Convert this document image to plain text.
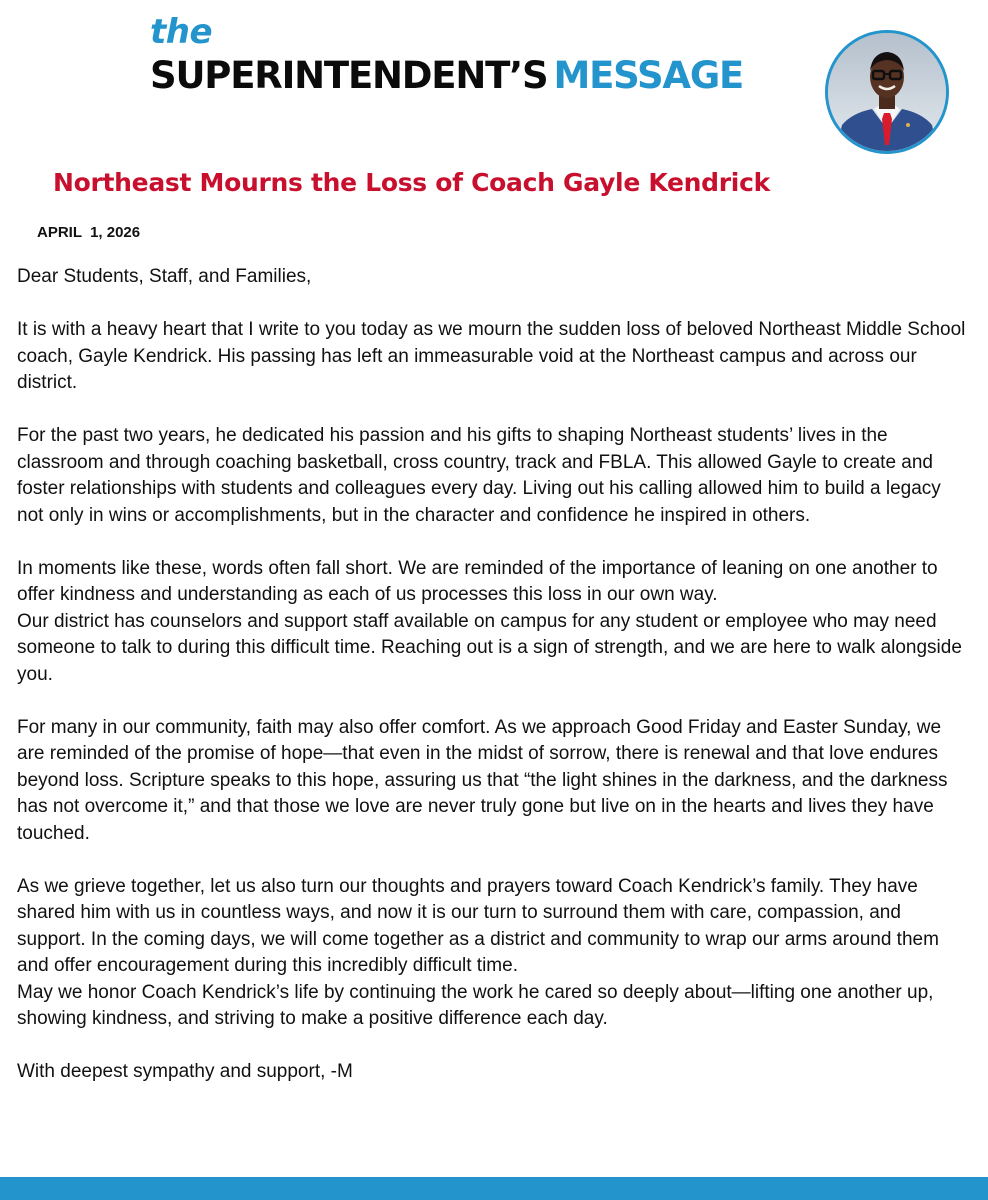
the
SUPERINTENDENT’S MESSAGE
Northeast Mourns the Loss of Coach Gayle Kendrick
APRIL  1, 2026

Dear Students, Staff, and Families,

It is with a heavy heart that I write to you today as we mourn the sudden loss of beloved Northeast Middle School coach, Gayle Kendrick. His passing has left an immeasurable void at the Northeast campus and across our district.

For the past two years, he dedicated his passion and his gifts to shaping Northeast students’ lives in the classroom and through coaching basketball, cross country, track and FBLA. This allowed Gayle to create and foster relationships with students and colleagues every day. Living out his calling allowed him to build a legacy not only in wins or accomplishments, but in the character and confidence he inspired in others.

In moments like these, words often fall short. We are reminded of the importance of leaning on one another to offer kindness and understanding as each of us processes this loss in our own way.
Our district has counselors and support staff available on campus for any student or employee who may need someone to talk to during this difficult time. Reaching out is a sign of strength, and we are here to walk alongside you.

For many in our community, faith may also offer comfort. As we approach Good Friday and Easter Sunday, we are reminded of the promise of hope—that even in the midst of sorrow, there is renewal and that love endures beyond loss. Scripture speaks to this hope, assuring us that “the light shines in the darkness, and the darkness has not overcome it,” and that those we love are never truly gone but live on in the hearts and lives they have touched.

As we grieve together, let us also turn our thoughts and prayers toward Coach Kendrick’s family. They have shared him with us in countless ways, and now it is our turn to surround them with care, compassion, and support. In the coming days, we will come together as a district and community to wrap our arms around them and offer encouragement during this incredibly difficult time.
May we honor Coach Kendrick’s life by continuing the work he cared so deeply about—lifting one another up, showing kindness, and striving to make a positive difference each day.

With deepest sympathy and support, -M
